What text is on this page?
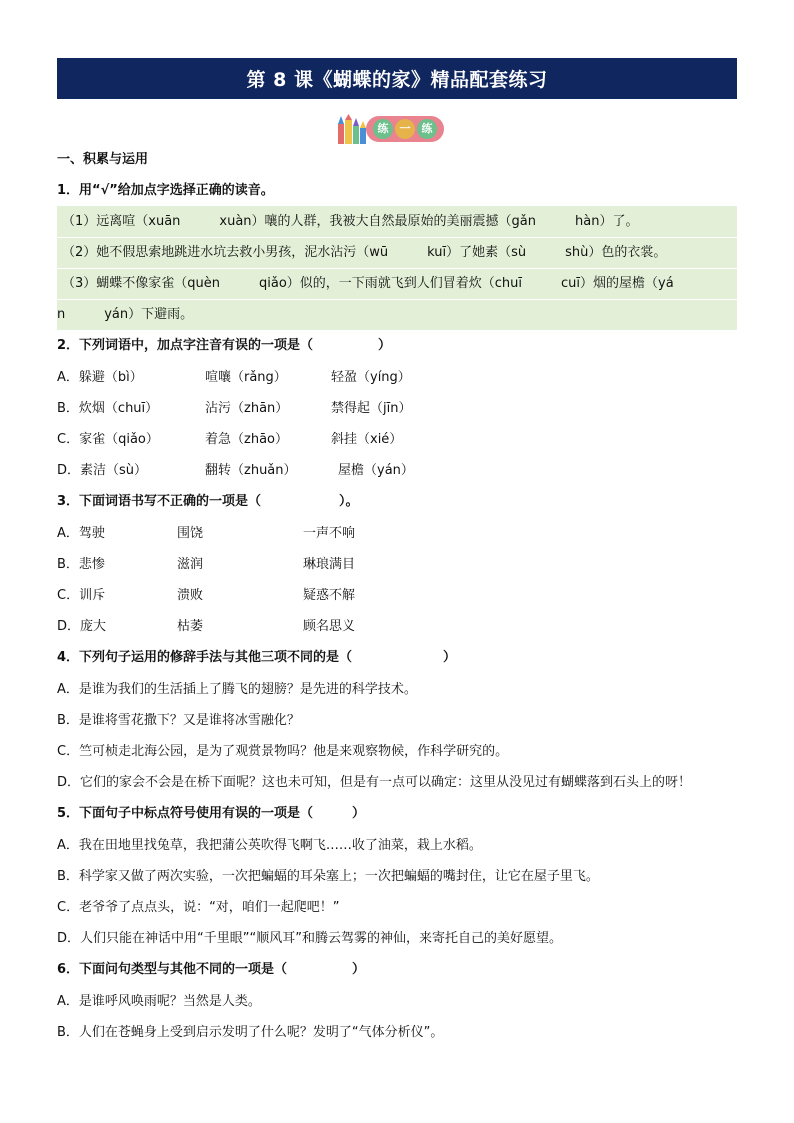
第 8 课《蝴蝶的家》精品配套练习
练	一	练
一、积累与运用
1．用“√”给加点字选择正确的读音。
（1）远离喧（xuān　　　xuàn）嚷的人群，我被大自然最原始的美丽震撼（gǎn　　　hàn）了。
（2）她不假思索地跳进水坑去救小男孩，泥水沾污（wū　　　kuī）了她素（sù　　　shù）色的衣裳。
（3）蝴蝶不像家雀（quèn　　　qiǎo）似的，一下雨就飞到人们冒着炊（chuī　　　cuī）烟的屋檐（yá
n　　　yán）下避雨。
2．下列词语中，加点字注音有误的一项是（　　　　　）
A．躲避（bì）	喧嚷（rǎng）	轻盈（yíng）
B．炊烟（chuī）	沾污（zhān）	禁得起（jīn）
C．家雀（qiǎo）	着急（zhāo）	斜挂（xié）
D．素洁（sù）	翻转（zhuǎn）	屋檐（yán）
3．下面词语书写不正确的一项是（　　　　　　）。
A．驾驶	围饶	一声不响
B．悲惨	滋润	琳琅满目
C．训斥	溃败	疑惑不解
D．庞大	枯萎	顾名思义
4．下列句子运用的修辞手法与其他三项不同的是（　　　　　　　）
A．是谁为我们的生活插上了腾飞的翅膀？是先进的科学技术。
B．是谁将雪花撒下？又是谁将冰雪融化？
C．竺可桢走北海公园，是为了观赏景物吗？他是来观察物候，作科学研究的。
D．它们的家会不会是在桥下面呢？这也未可知，但是有一点可以确定：这里从没见过有蝴蝶落到石头上的呀！
5．下面句子中标点符号使用有误的一项是（　　　）
A．我在田地里找兔草，我把蒲公英吹得飞啊飞……收了油菜，栽上水稻。
B．科学家又做了两次实验，一次把蝙蝠的耳朵塞上；一次把蝙蝠的嘴封住，让它在屋子里飞。
C．老爷爷了点点头，说：“对，咱们一起爬吧！”
D．人们只能在神话中用“千里眼”“顺风耳”和腾云驾雾的神仙，来寄托自己的美好愿望。
6．下面问句类型与其他不同的一项是（　　　　　）
A．是谁呼风唤雨呢？当然是人类。
B．人们在苍蝇身上受到启示发明了什么呢？发明了“气体分析仪”。
